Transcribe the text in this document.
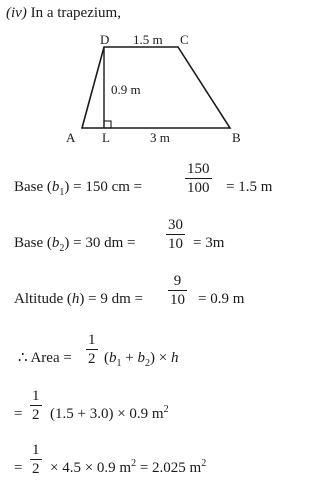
(iv) In a trapezium,
D	C
A L	B
1.5 m
0.9 m
3 m
Base $(b_1) = 150$ cm =	$\frac{150}{100} = 1.5$ m
Base $(b_2) = 30$ dm = $\frac{30}{10} = 3m$
Altitude (h) = 9 dm = $\frac{9}{10} = 0.9$ m
∴ Area = $\frac{1}{2} (b_1 + b_2) \times h$
= $\frac{1}{2} (1.5 + 3.0) \times 0.9$ $m^2$
= $\frac{1}{2} \times 4.5 \times 0.9$ $m^2 = 2.025$ $m^2$
